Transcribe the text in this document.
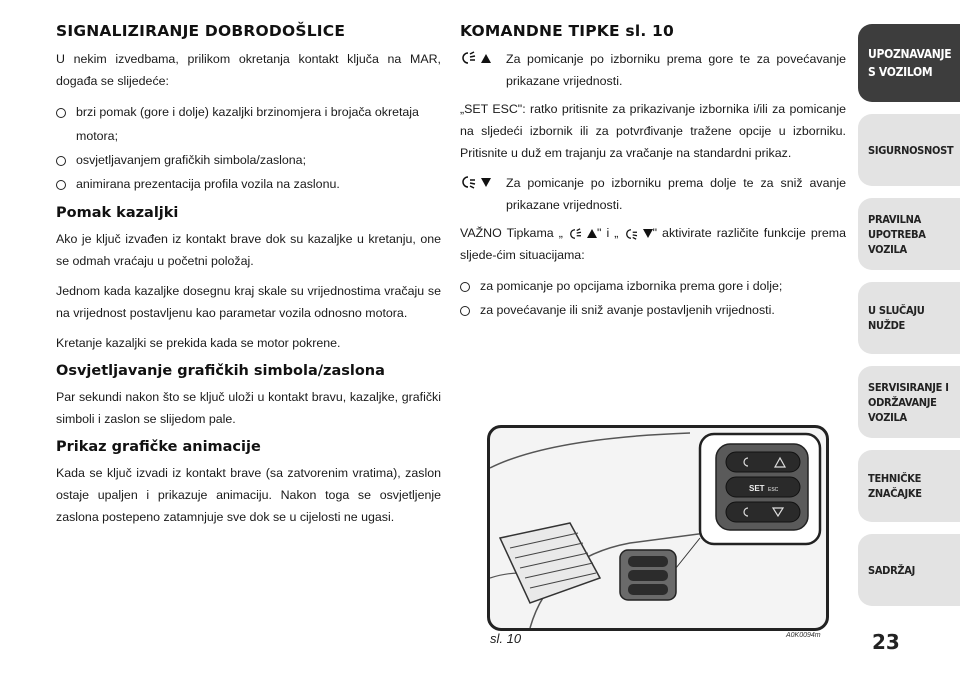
SIGNALIZIRANJE DOBRODOŠLICE

U nekim izvedbama, prilikom okretanja kontakt ključa na MAR, događa se slijedeće:

brzi pomak (gore i dolje) kazaljki brzinomjera i brojača okretaja motora;
osvjetljavanjem grafičkih simbola/zaslona;
animirana prezentacija profila vozila na zaslonu.
Pomak kazaljki

Ako je ključ izvađen iz kontakt brave dok su kazaljke u kretanju, one se odmah vraćaju u početni položaj.

Jednom kada kazaljke dosegnu kraj skale su vrijednostima vračaju se na vrijednost postavljenu kao parametar vozila odnosno motora.

Kretanje kazaljki se prekida kada se motor pokrene.

Osvjetljavanje grafičkih simbola/zaslona

Par sekundi nakon što se ključ uloži u kontakt bravu, kazaljke, grafički simboli i zaslon se slijedom pale.

Prikaz grafičke animacije

Kada se ključ izvadi iz kontakt brave (sa zatvorenim vratima), zaslon ostaje upaljen i prikazuje animaciju. Nakon toga se osvjetljenje zaslona postepeno zatamnjuje sve dok se u cijelosti ne ugasi.

KOMANDNE TIPKE sl. 10
Za pomicanje po izborniku prema gore te za povećavanje prikazane vrijednosti.

„SET ESC": ratko pritisnite za prikazivanje izbornika i/ili za pomicanje na sljedeći izbornik ili za potvrđivanje tražene opcije u izborniku. Pritisnite u duž em trajanju za vračanje na standardni prikaz.

Za pomicanje po izborniku prema dolje te za sniž avanje prikazane vrijednosti.

VAŽNO Tipkama „	" i „	" aktivirate različite funkcije prema sljede-ćim situacijama:

za pomicanje po opcijama izbornika prema gore i dolje;
za povećavanje ili sniž avanje postavljenih vrijednosti.
SET ESC
sl. 10	A0K0094m
UPOZNAVANJE S VOZILOM
SIGURNOSNOST
PRAVILNA UPOTREBA VOZILA
U SLUČAJU NUŽDE
SERVISIRANJE I ODRŽAVANJE VOZILA
TEHNIČKE ZNAČAJKE
SADRŽAJ
23
